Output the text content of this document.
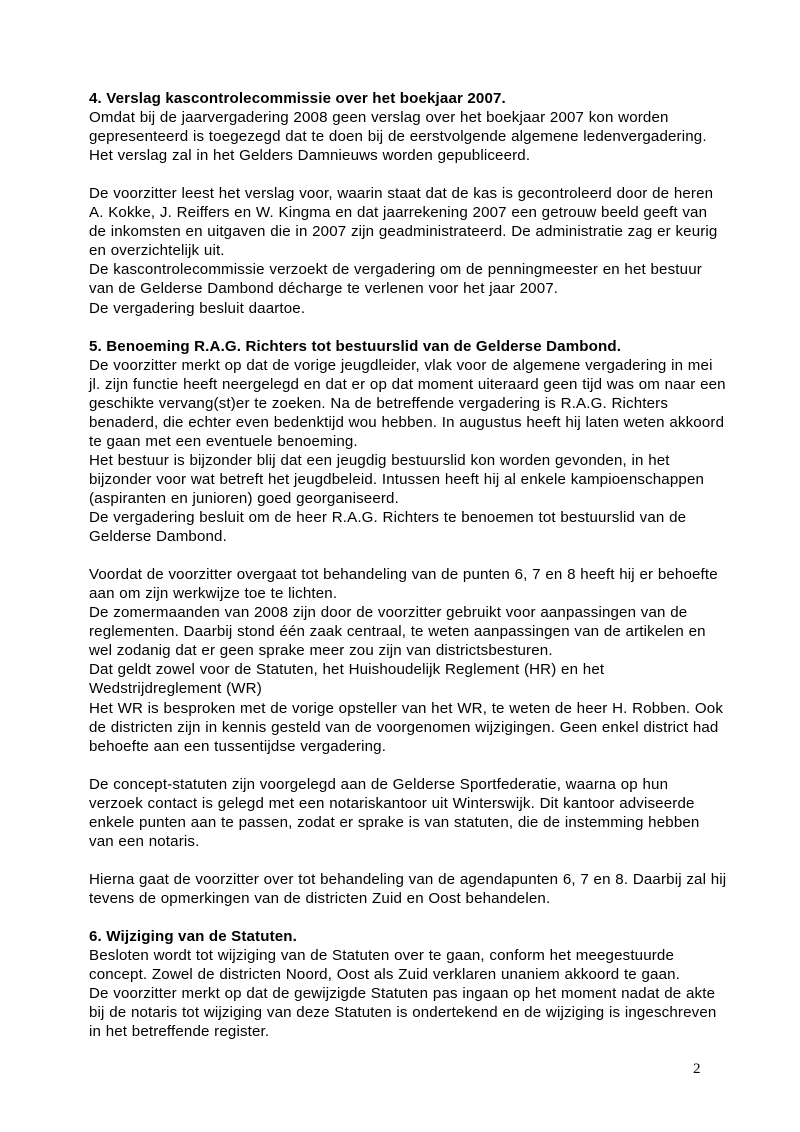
4. Verslag kascontrolecommissie over het boekjaar 2007.
Omdat bij de jaarvergadering 2008 geen verslag over het boekjaar 2007 kon worden
gepresenteerd is toegezegd dat te doen bij de eerstvolgende algemene ledenvergadering.
Het verslag zal in het Gelders Damnieuws worden gepubliceerd.
De voorzitter leest het verslag voor, waarin staat dat de kas is gecontroleerd door de heren
A. Kokke, J. Reiffers en W. Kingma en dat jaarrekening 2007 een getrouw beeld geeft van
de inkomsten en uitgaven die in 2007 zijn geadministrateerd. De administratie zag er keurig
en overzichtelijk uit.
De kascontrolecommissie verzoekt de vergadering om de penningmeester en het bestuur
van de Gelderse Dambond décharge te verlenen voor het jaar 2007.
De vergadering besluit daartoe.
5. Benoeming R.A.G. Richters tot bestuurslid van de Gelderse Dambond.
De voorzitter merkt op dat de vorige jeugdleider, vlak voor de algemene vergadering in mei
jl. zijn functie heeft neergelegd en dat er op dat moment uiteraard geen tijd was om naar een
geschikte vervang(st)er te zoeken. Na de betreffende vergadering is R.A.G. Richters
benaderd, die echter even bedenktijd wou hebben. In augustus heeft hij laten weten akkoord
te gaan met een eventuele benoeming.
Het bestuur is bijzonder blij dat een jeugdig bestuurslid kon worden gevonden, in het
bijzonder voor wat betreft het jeugdbeleid. Intussen heeft hij al enkele kampioenschappen
(aspiranten en junioren) goed georganiseerd.
De vergadering besluit om de heer R.A.G. Richters te benoemen tot bestuurslid van de
Gelderse Dambond.
Voordat de voorzitter overgaat tot behandeling van de punten 6, 7 en 8 heeft hij er behoefte
aan om zijn werkwijze toe te lichten.
De zomermaanden van 2008 zijn door de voorzitter gebruikt voor aanpassingen van de
reglementen. Daarbij stond één zaak centraal, te weten aanpassingen van de artikelen en
wel zodanig dat er geen sprake meer zou zijn van districtsbesturen.
Dat geldt zowel voor de Statuten, het Huishoudelijk Reglement (HR) en het
Wedstrijdreglement (WR)
Het WR is besproken met de vorige opsteller van het WR, te weten de heer H. Robben. Ook
de districten zijn in kennis gesteld van de voorgenomen wijzigingen. Geen enkel district had
behoefte aan een tussentijdse vergadering.
De concept-statuten zijn voorgelegd aan de Gelderse Sportfederatie, waarna op hun
verzoek contact is gelegd met een notariskantoor uit Winterswijk. Dit kantoor adviseerde
enkele punten aan te passen, zodat er sprake is van statuten, die de instemming hebben
van een notaris.
Hierna gaat de voorzitter over tot behandeling van de agendapunten 6, 7 en 8. Daarbij zal hij
tevens de opmerkingen van de districten Zuid en Oost behandelen.
6. Wijziging van de Statuten.
Besloten wordt tot wijziging van de Statuten over te gaan, conform het meegestuurde
concept. Zowel de districten Noord, Oost als Zuid verklaren unaniem akkoord te gaan.
De voorzitter merkt op dat de gewijzigde Statuten pas ingaan op het moment nadat de akte
bij de notaris tot wijziging van deze Statuten is ondertekend en de wijziging is ingeschreven
in het betreffende register.
2
